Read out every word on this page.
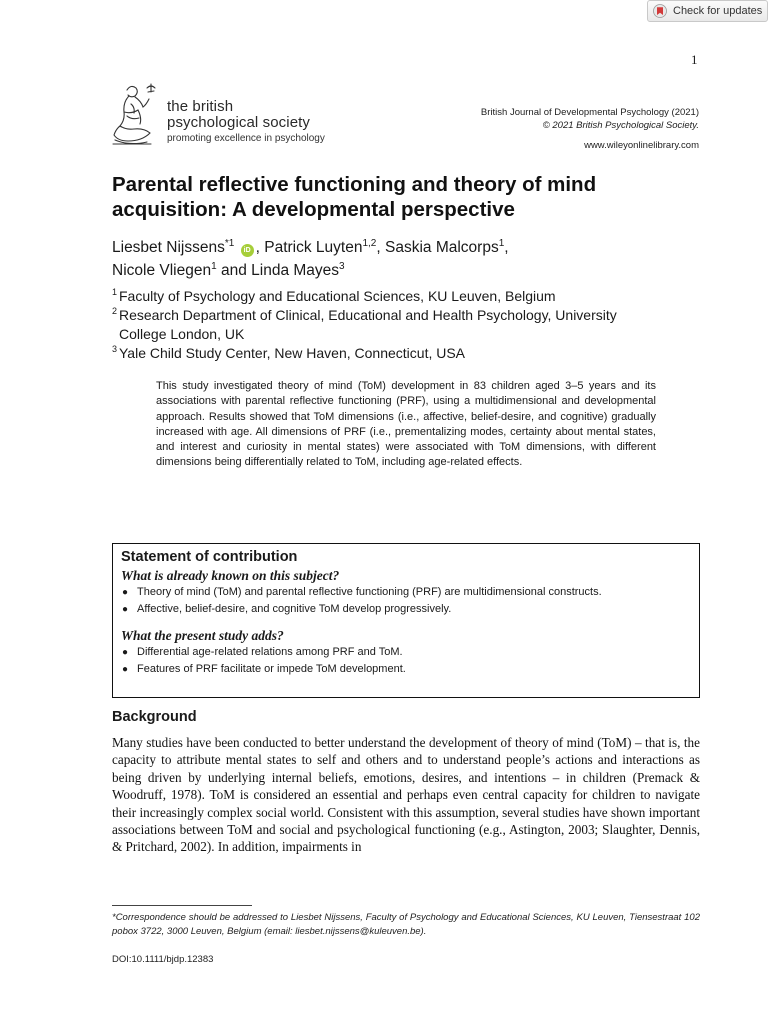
Check for updates
1
the british
psychological society
promoting excellence in psychology
British Journal of Developmental Psychology (2021)
© 2021 British Psychological Society.
www.wileyonlinelibrary.com
Parental reflective functioning and theory of mind acquisition: A developmental perspective
Liesbet Nijssens$^{*1}$ iD , Patrick Luyten$^{1,2}$, Saskia Malcorps$^1$,
Nicole Vliegen$^1$ and Linda Mayes$^3$
1 Faculty of Psychology and Educational Sciences, KU Leuven, Belgium
2 Research Department of Clinical, Educational and Health Psychology, University
College London, UK
3 Yale Child Study Center, New Haven, Connecticut, USA

This study investigated theory of mind (ToM) development in 83 children aged 3–5 years and its associations with parental reflective functioning (PRF), using a multidimensional and developmental approach. Results showed that ToM dimensions (i.e., affective, belief-desire, and cognitive) gradually increased with age. All dimensions of PRF (i.e., prementalizing modes, certainty about mental states, and interest and curiosity in mental states) were associated with ToM dimensions, with different dimensions being differentially related to ToM, including age-related effects.

Statement of contribution
What is already known on this subject?
● Theory of mind (ToM) and parental reflective functioning (PRF) are multidimensional constructs.
● Affective, belief-desire, and cognitive ToM develop progressively.
What the present study adds?
● Differential age-related relations among PRF and ToM.
● Features of PRF facilitate or impede ToM development.
Background

Many studies have been conducted to better understand the development of theory of mind (ToM) – that is, the capacity to attribute mental states to self and others and to understand people’s actions and interactions as being driven by underlying internal beliefs, emotions, desires, and intentions – in children (Premack & Woodruff, 1978). ToM is considered an essential and perhaps even central capacity for children to navigate their increasingly complex social world. Consistent with this assumption, several studies have shown important associations between ToM and social and psychological functioning (e.g., Astington, 2003; Slaughter, Dennis, & Pritchard, 2002). In addition, impairments in

*Correspondence should be addressed to Liesbet Nijssens, Faculty of Psychology and Educational Sciences, KU Leuven, Tiensestraat 102 pobox 3722, 3000 Leuven, Belgium (email: liesbet.nijssens@kuleuven.be).

DOI:10.1111/bjdp.12383
